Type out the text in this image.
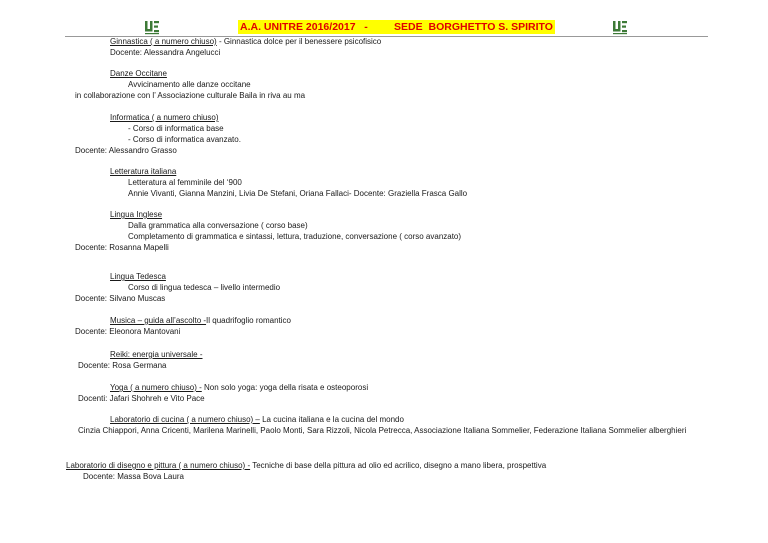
A.A. UNITRE 2016/2017   -         SEDE  BORGHETTO S. SPIRITO
Ginnastica ( a numero chiuso) - Ginnastica dolce per il benessere psicofisico
Docente: Alessandra Angelucci
Danze Occitane
Avvicinamento alle danze occitane
in collaborazione con l’ Associazione culturale Baila in riva au ma
Informatica ( a numero chiuso)
- Corso di informatica base
- Corso di informatica avanzato.
Docente: Alessandro Grasso
Letteratura italiana
Letteratura al femminile del ‘900
Annie Vivanti, Gianna Manzini, Livia De Stefani, Oriana Fallaci- Docente: Graziella Frasca Gallo
Lingua Inglese
Dalla grammatica alla conversazione ( corso base)
Completamento di grammatica e sintassi, lettura, traduzione, conversazione ( corso avanzato)
Docente: Rosanna Mapelli
Lingua Tedesca
Corso di lingua tedesca – livello intermedio
Docente: Silvano Muscas
Musica – guida all’ascolto -Il quadrifoglio romantico
Docente: Eleonora Mantovani
Reiki: energia universale -
Docente: Rosa Germana
Yoga ( a numero chiuso) - Non solo yoga: yoga della risata e osteoporosi
Docenti: Jafari Shohreh e Vito Pace
Laboratorio di cucina ( a numero chiuso) – La cucina italiana e la cucina del mondo
Cinzia Chiappori, Anna Cricenti, Marilena Marinelli, Paolo Monti, Sara Rizzoli, Nicola Petrecca, Associazione Italiana Sommelier, Federazione Italiana Sommelier alberghieri
Laboratorio di disegno e pittura ( a numero chiuso) - Tecniche di base della pittura ad olio ed acrilico, disegno a mano libera, prospettiva
Docente: Massa Bova Laura
